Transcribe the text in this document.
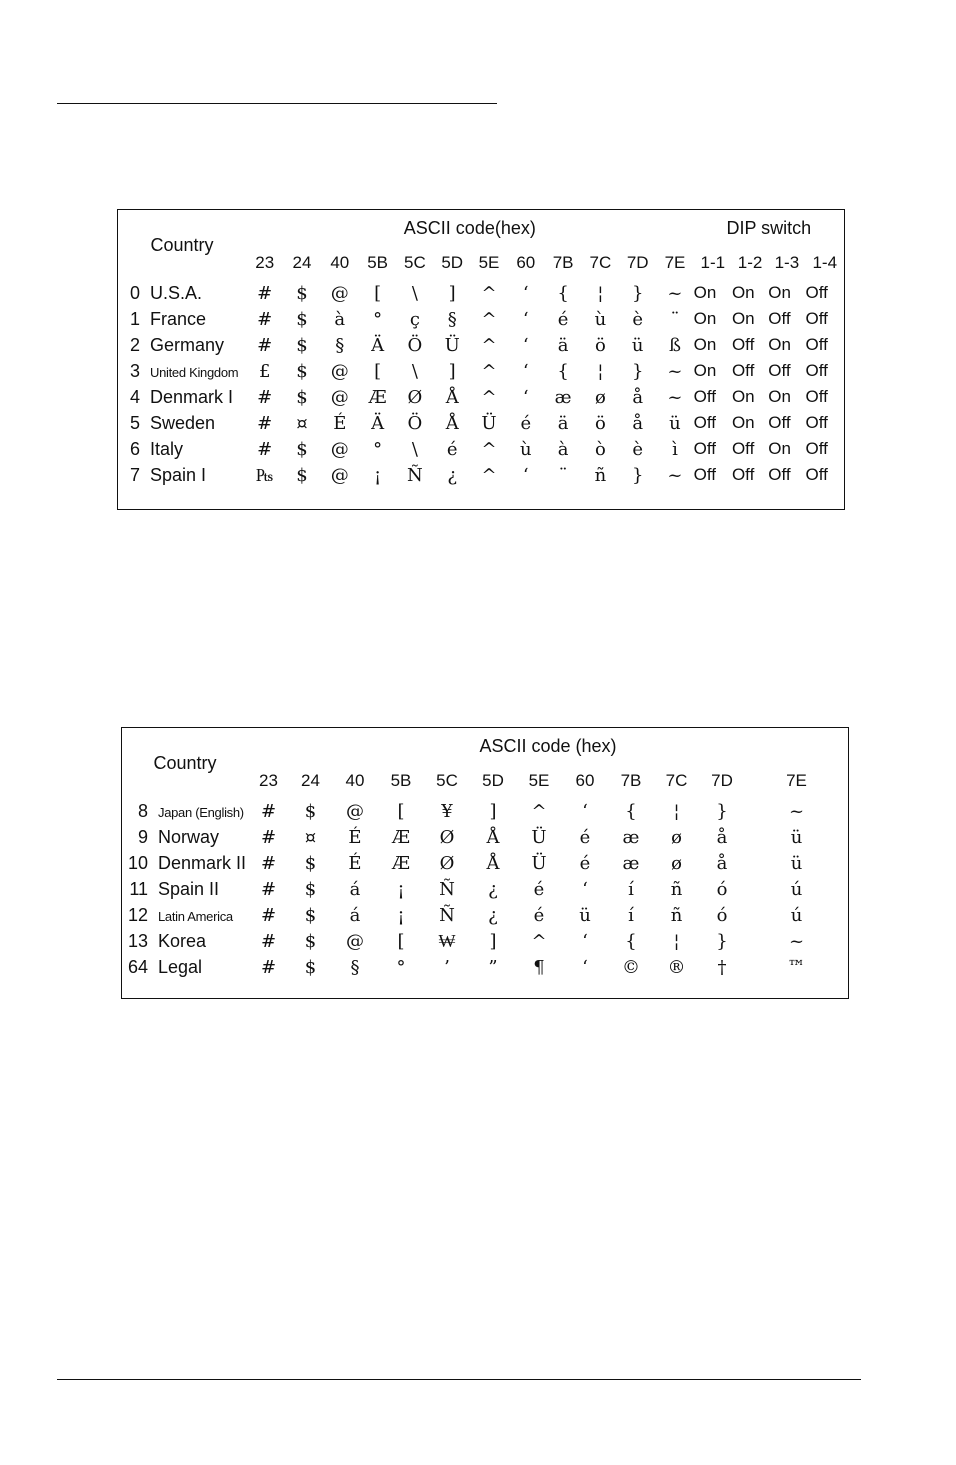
Country	ASCII code(hex)												DIP switch			
	23	24	40	5B	5C	5D	5E	60	7B	7C	7D	7E	1-1	1-2	1-3	1-4
0 U.S.A.	#	$	@	[	\	]	^	‘	{	¦	}	~	On	On	On	Off
1 France	#	$	à	°	ç	§	^	‘	é	ù	è	¨	On	On	Off	Off
2 Germany	#	$	§	Ä	Ö	Ü	^	‘	ä	ö	ü	ß	On	Off	On	Off
3 United Kingdom	£	$	@	[	\	]	^	‘	{	¦	}	~	On	Off	Off	Off
4 Denmark I	#	$	@	Æ	Ø	Å	^	‘	æ	ø	å	~	Off	On	On	Off
5 Sweden	#	¤	É	Ä	Ö	Å	Ü	é	ä	ö	å	ü	Off	On	Off	Off
6 Italy	#	$	@	°	\	é	^	ù	à	ò	è	ì	Off	Off	On	Off
7 Spain I	₧	$	@	¡	Ñ	¿	^	‘	¨	ñ	}	~	Off	Off	Off	Off
Country	ASCII code (hex)												
	23	24	40	5B	5C	5D	5E	60	7B	7C	7D	7E	
8 Japan (English)	#	$	@	[	¥	]	^	‘	{	¦	}	~	
9 Norway	#	¤	É	Æ	Ø	Å	Ü	é	æ	ø	å	ü	
10 Denmark II	#	$	É	Æ	Ø	Å	Ü	é	æ	ø	å	ü	
11 Spain II	#	$	á	¡	Ñ	¿	é	‘	í	ñ	ó	ú	
12 Latin America	#	$	á	¡	Ñ	¿	é	ü	í	ñ	ó	ú	
13 Korea	#	$	@	[	₩	]	^	‘	{	¦	}	~	
64 Legal	#	$	§	°	’	”	¶	‘	©	®	†	™	
